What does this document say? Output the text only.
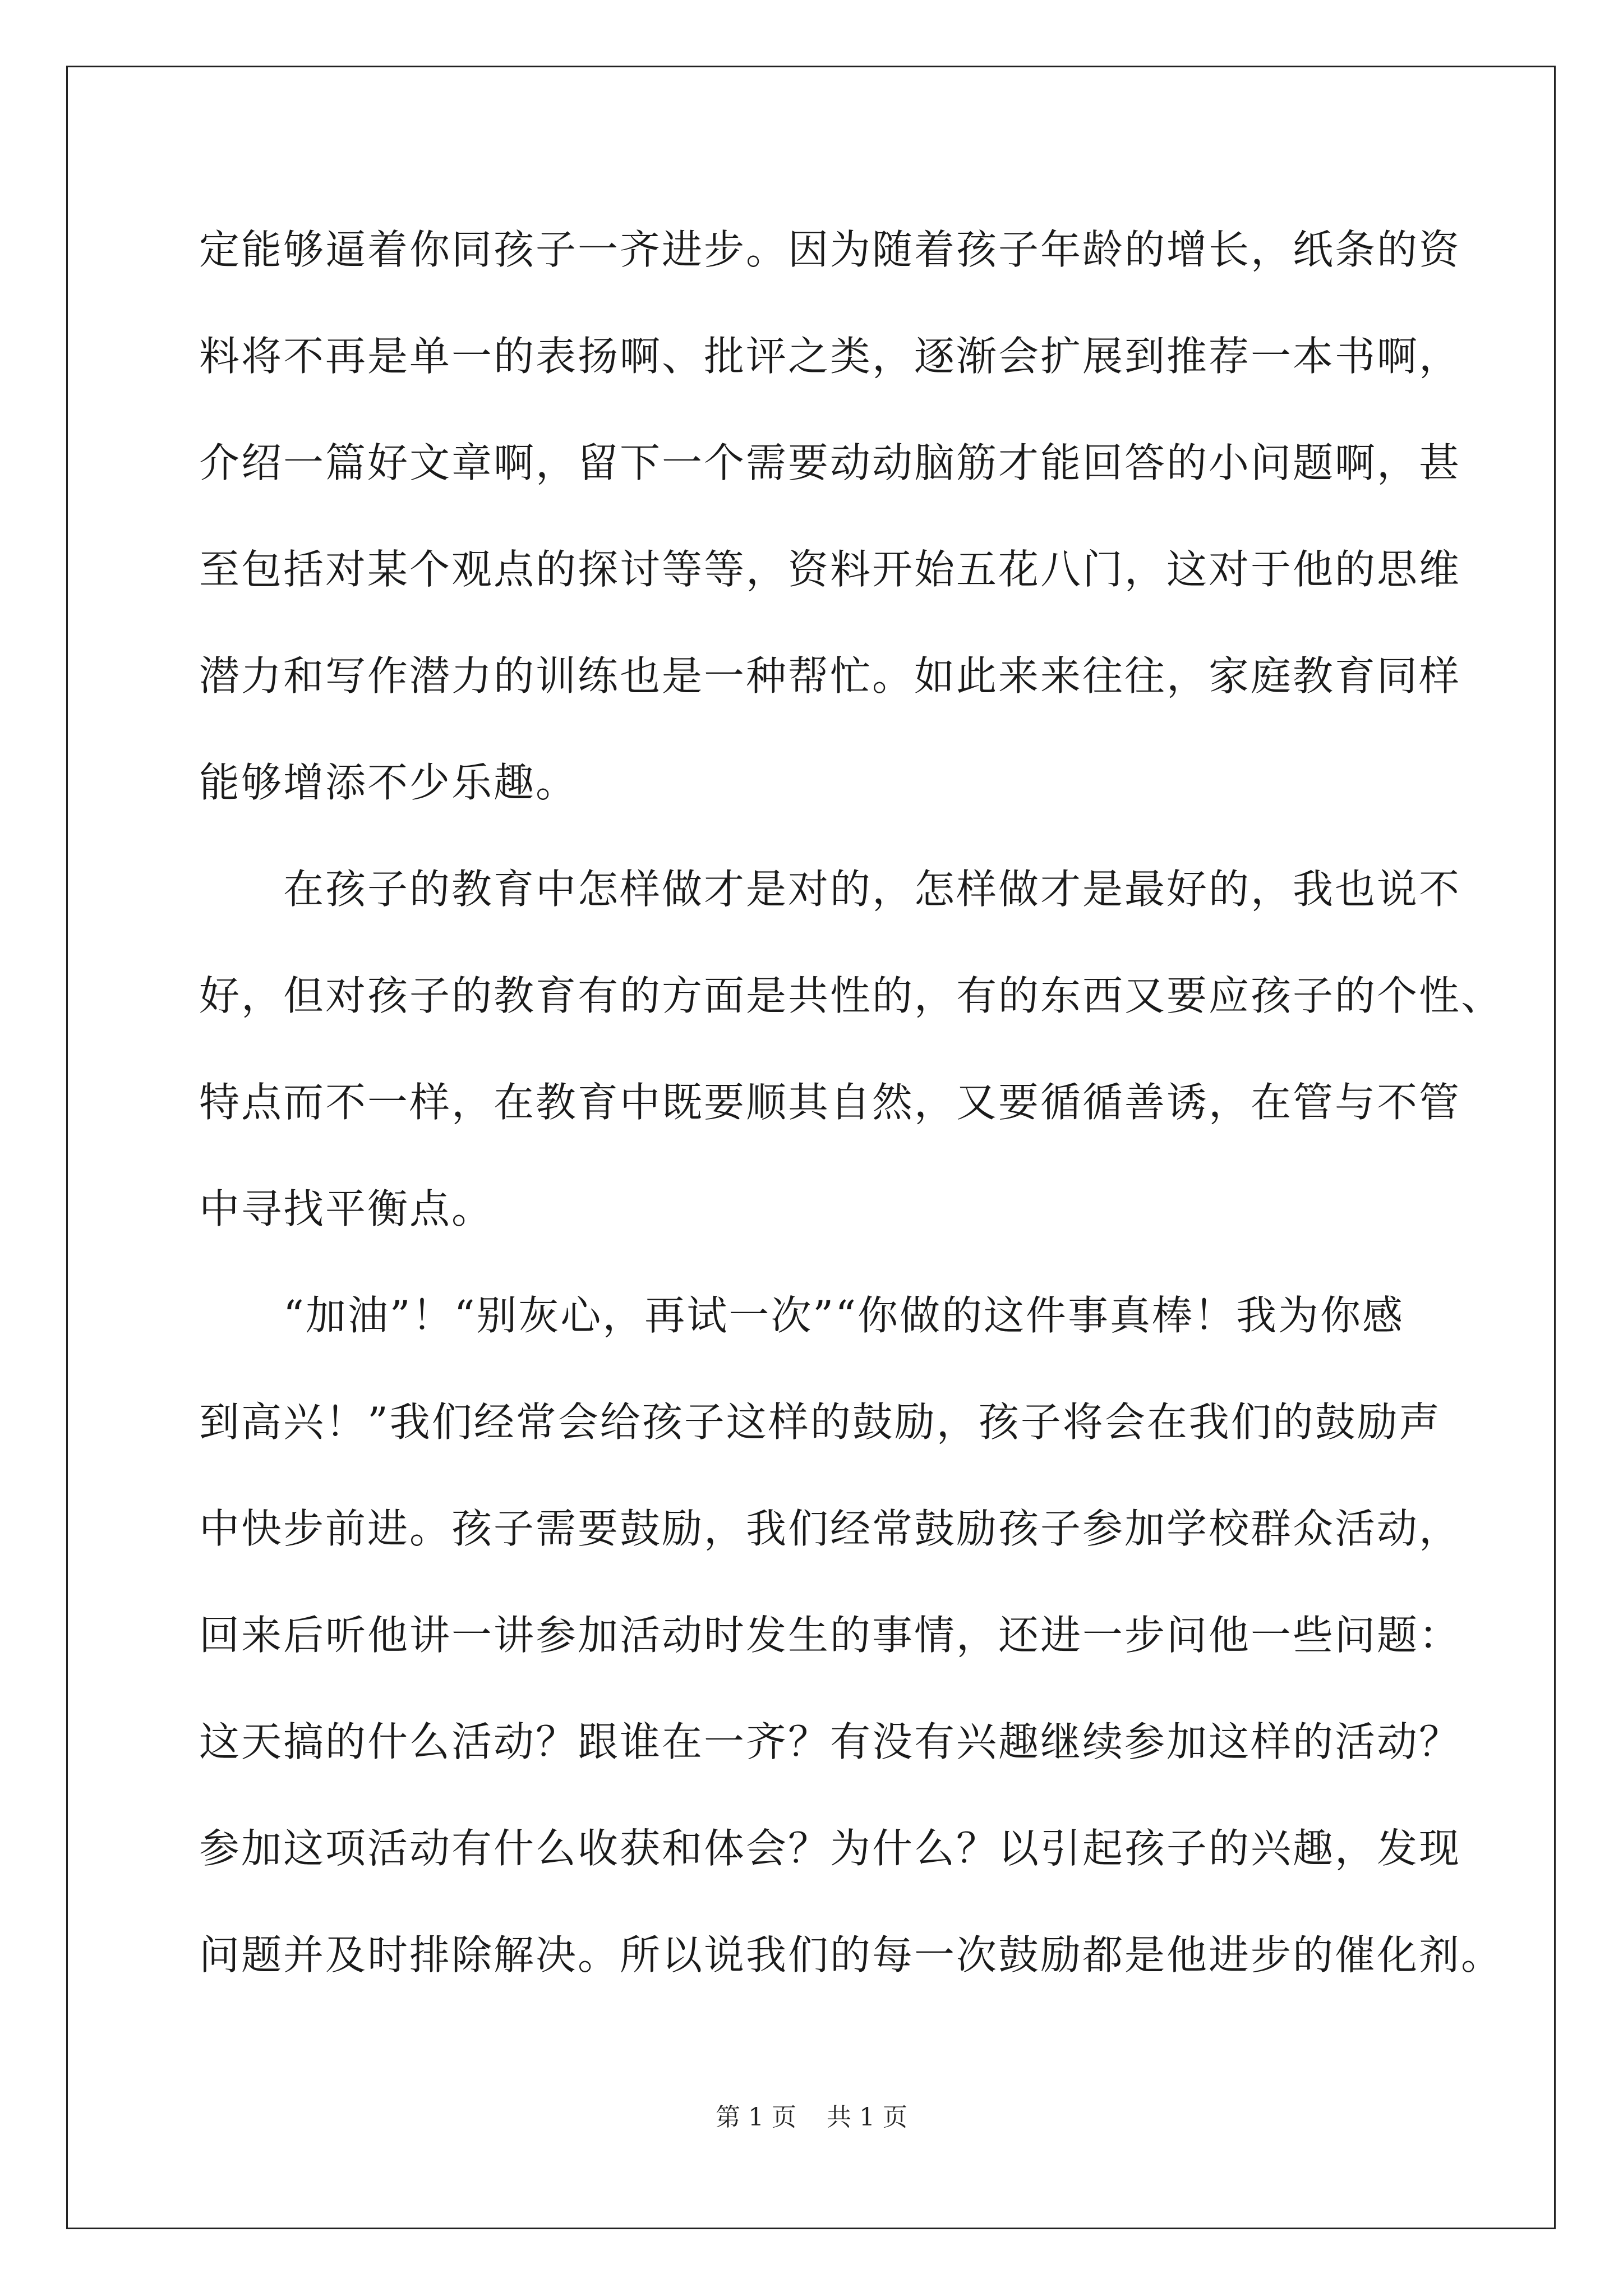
定能够逼着你同孩子一齐进步。因为随着孩子年龄的增长，纸条的资
料将不再是单一的表扬啊、批评之类，逐渐会扩展到推荐一本书啊，
介绍一篇好文章啊，留下一个需要动动脑筋才能回答的小问题啊，甚
至包括对某个观点的探讨等等，资料开始五花八门，这对于他的思维
潜力和写作潜力的训练也是一种帮忙。如此来来往往，家庭教育同样
能够增添不少乐趣。
　　在孩子的教育中怎样做才是对的，怎样做才是最好的，我也说不
好，但对孩子的教育有的方面是共性的，有的东西又要应孩子的个性、
特点而不一样，在教育中既要顺其自然，又要循循善诱，在管与不管
中寻找平衡点。
　　“加油”！“别灰心，再试一次”“你做的这件事真棒！我为你感
到高兴！”我们经常会给孩子这样的鼓励，孩子将会在我们的鼓励声
中快步前进。孩子需要鼓励，我们经常鼓励孩子参加学校群众活动，
回来后听他讲一讲参加活动时发生的事情，还进一步问他一些问题：
这天搞的什么活动？跟谁在一齐？有没有兴趣继续参加这样的活动？
参加这项活动有什么收获和体会？为什么？以引起孩子的兴趣，发现
问题并及时排除解决。所以说我们的每一次鼓励都是他进步的催化剂。
第 1 页 共 1 页
